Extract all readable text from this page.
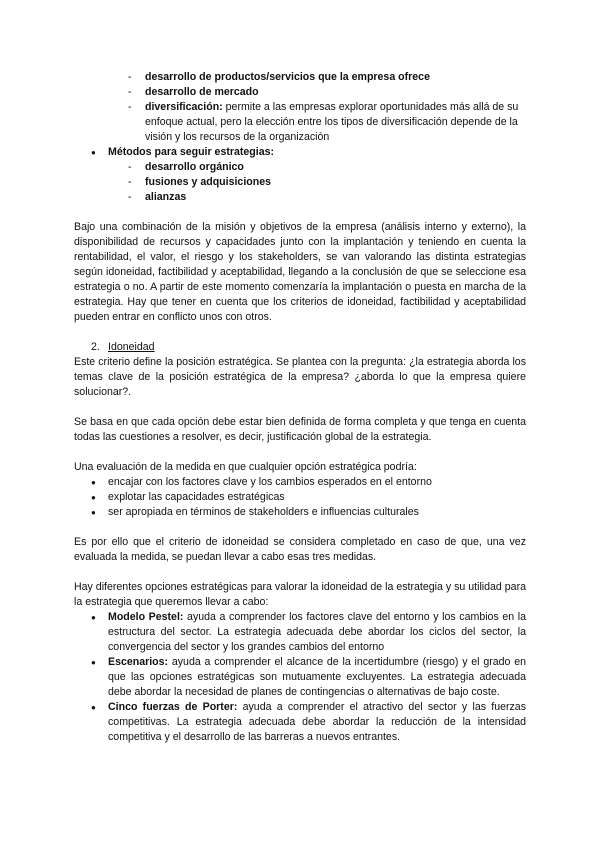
- desarrollo de productos/servicios que la empresa ofrece
- desarrollo de mercado
- diversificación: permite a las empresas explorar oportunidades más allá de su enfoque actual, pero la elección entre los tipos de diversificación depende de la visión y los recursos de la organización
● Métodos para seguir estrategias:
- desarrollo orgánico
- fusiones y adquisiciones
- alianzas

Bajo una combinación de la misión y objetivos de la empresa (análisis interno y externo), la disponibilidad de recursos y capacidades junto con la implantación y teniendo en cuenta la rentabilidad, el valor, el riesgo y los stakeholders, se van valorando las distinta estrategias según idoneidad, factibilidad y aceptabilidad, llegando a la conclusión de que se seleccione esa estrategia o no. A partir de este momento comenzaría la implantación o puesta en marcha de la estrategia. Hay que tener en cuenta que los criterios de idoneidad, factibilidad y aceptabilidad pueden entrar en conflicto unos con otros.

2. Idoneidad

Este criterio define la posición estratégica. Se plantea con la pregunta: ¿la estrategia aborda los temas clave de la posición estratégica de la empresa? ¿aborda lo que la empresa quiere solucionar?.

Se basa en que cada opción debe estar bien definida de forma completa y que tenga en cuenta todas las cuestiones a resolver, es decir, justificación global de la estrategia.

Una evaluación de la medida en que cualquier opción estratégica podría:

● encajar con los factores clave y los cambios esperados en el entorno
● explotar las capacidades estratégicas
● ser apropiada en términos de stakeholders e influencias culturales

Es por ello que el criterio de idoneidad se considera completado en caso de que, una vez evaluada la medida, se puedan llevar a cabo esas tres medidas.

Hay diferentes opciones estratégicas para valorar la idoneidad de la estrategia y su utilidad para la estrategia que queremos llevar a cabo:

● Modelo Pestel: ayuda a comprender los factores clave del entorno y los cambios en la estructura del sector. La estrategia adecuada debe abordar los ciclos del sector, la convergencia del sector y los grandes cambios del entorno
● Escenarios: ayuda a comprender el alcance de la incertidumbre (riesgo) y el grado en que las opciones estratégicas son mutuamente excluyentes. La estrategia adecuada debe abordar la necesidad de planes de contingencias o alternativas de bajo coste.
● Cinco fuerzas de Porter: ayuda a comprender el atractivo del sector y las fuerzas competitivas. La estrategia adecuada debe abordar la reducción de la intensidad competitiva y el desarrollo de las barreras a nuevos entrantes.
